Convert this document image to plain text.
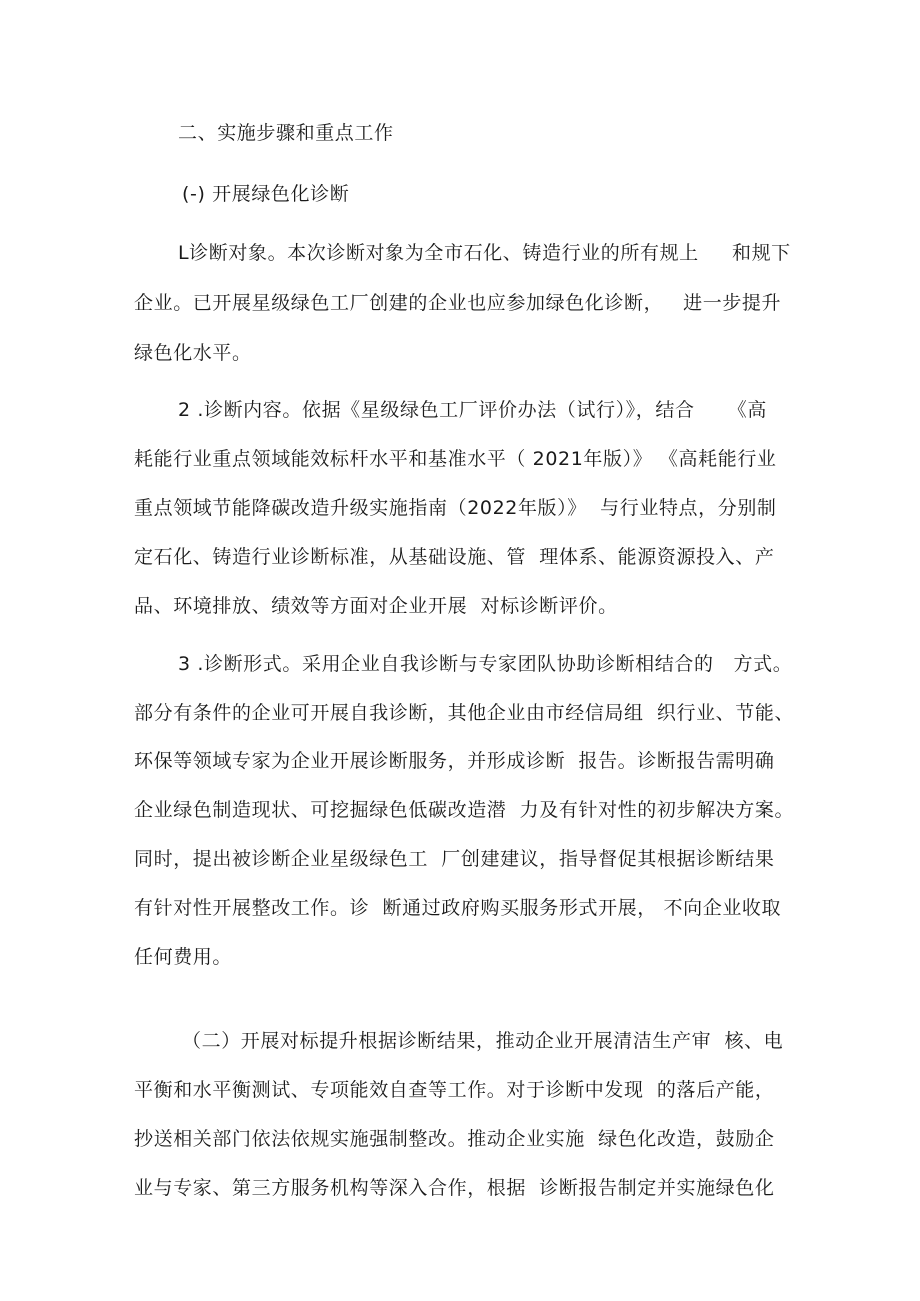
二、实施步骤和重点工作
(-) 开展绿色化诊断
L诊断对象。本次诊断对象为全市石化、铸造行业的所有规上     和规下
企业。已开展星级绿色工厂创建的企业也应参加绿色化诊断，   进一步提升
绿色化水平。
2 .诊断内容。依据《星级绿色工厂评价办法（试行）》，结合     《高
耗能行业重点领域能效标杆水平和基准水平（ 2021年版）》 《高耗能行业
重点领域节能降碳改造升级实施指南（2022年版）》  与行业特点，分别制
定石化、铸造行业诊断标准，从基础设施、管  理体系、能源资源投入、产
品、环境排放、绩效等方面对企业开展  对标诊断评价。
3 .诊断形式。采用企业自我诊断与专家团队协助诊断相结合的   方式。
部分有条件的企业可开展自我诊断，其他企业由市经信局组  织行业、节能、
环保等领域专家为企业开展诊断服务，并形成诊断  报告。诊断报告需明确
企业绿色制造现状、可挖掘绿色低碳改造潜  力及有针对性的初步解决方案。
同时，提出被诊断企业星级绿色工  厂创建建议，指导督促其根据诊断结果
有针对性开展整改工作。诊  断通过政府购买服务形式开展， 不向企业收取
任何费用。
（二）开展对标提升根据诊断结果，推动企业开展清洁生产审  核、电
平衡和水平衡测试、专项能效自查等工作。对于诊断中发现  的落后产能，
抄送相关部门依法依规实施强制整改。推动企业实施  绿色化改造，鼓励企
业与专家、第三方服务机构等深入合作，根据  诊断报告制定并实施绿色化
